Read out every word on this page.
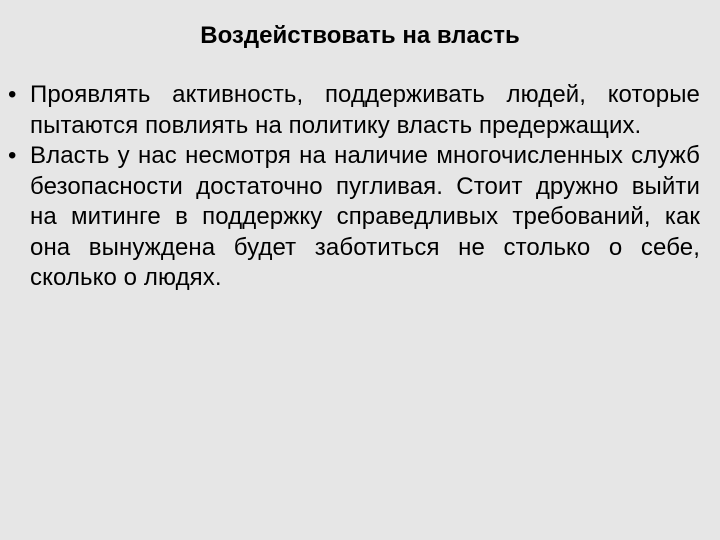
Воздействовать на власть
• Проявлять активность, поддерживать людей, которые пытаются повлиять на политику власть предержащих.
• Власть у нас несмотря на наличие многочисленных служб безопасности достаточно пугливая. Стоит дружно выйти на митинге в поддержку справедливых требований, как она вынуждена будет заботиться не столько о себе, сколько о людях.
